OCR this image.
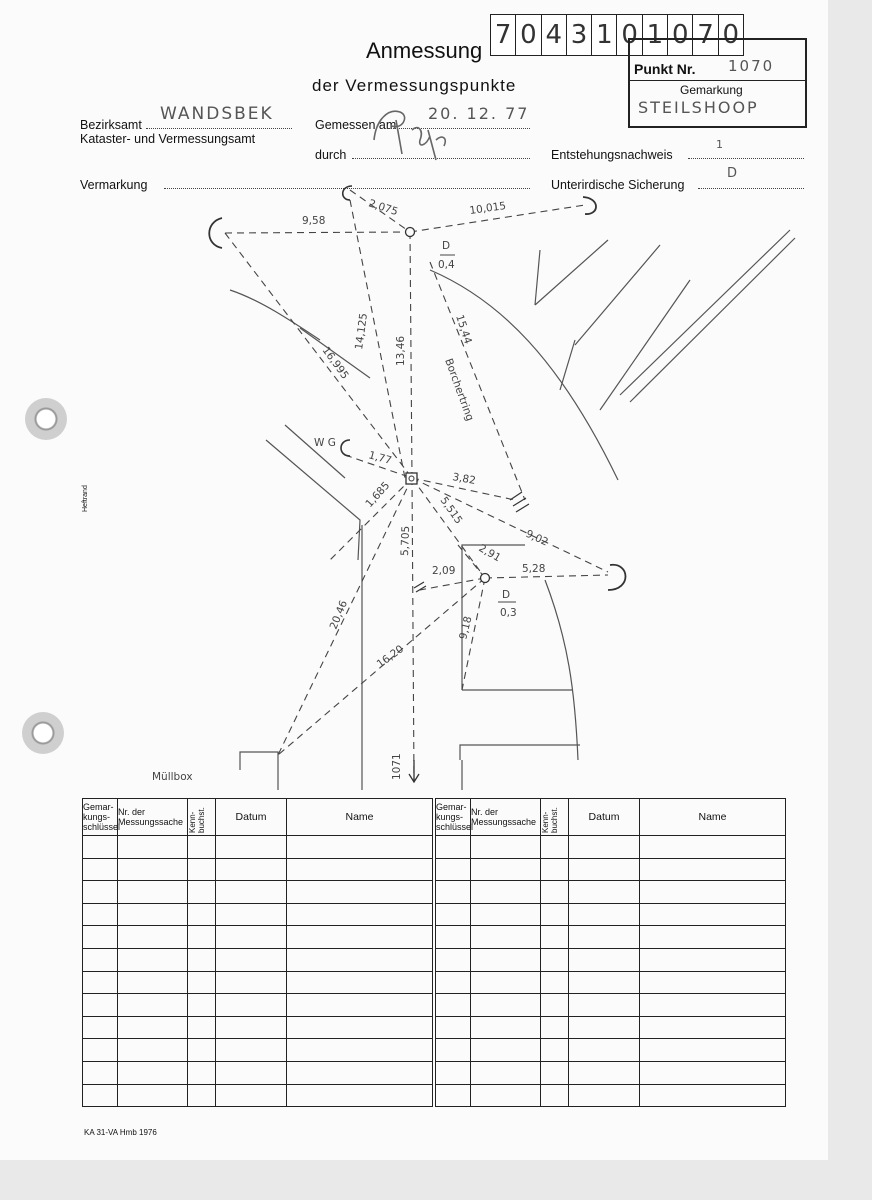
Anmessung
der Vermessungspunkte
7 0 4 3 1 0 1 0 7 0
Punkt Nr. 1070
Gemarkung
STEILSHOOP
Bezirksamt
WANDSBEK
Kataster- und Vermessungsamt
Gemessen am
20. 12. 77
durch	Entstehungsnachweis
1
Vermarkung	Unterirdische Sicherung
D
Borchertring
Müllbox
W G
1071
D
0,4
D
0,3
9,58
2,075	10,015
14,125
13,46
15,44
16,995
1,77
3,82
1,685
5,515
9,02
5,705	2,91
2,09	5,28
20,46
16,20
9,18
Gemar-kungs-schlüssel	Nr. der Messungssache	Kenn-buchst.	Datum	Name

Gemar-kungs-schlüssel	Nr. der Messungssache	Kenn-buchst.	Datum	Name

KA 31-VA Hmb 1976
Heftrand
